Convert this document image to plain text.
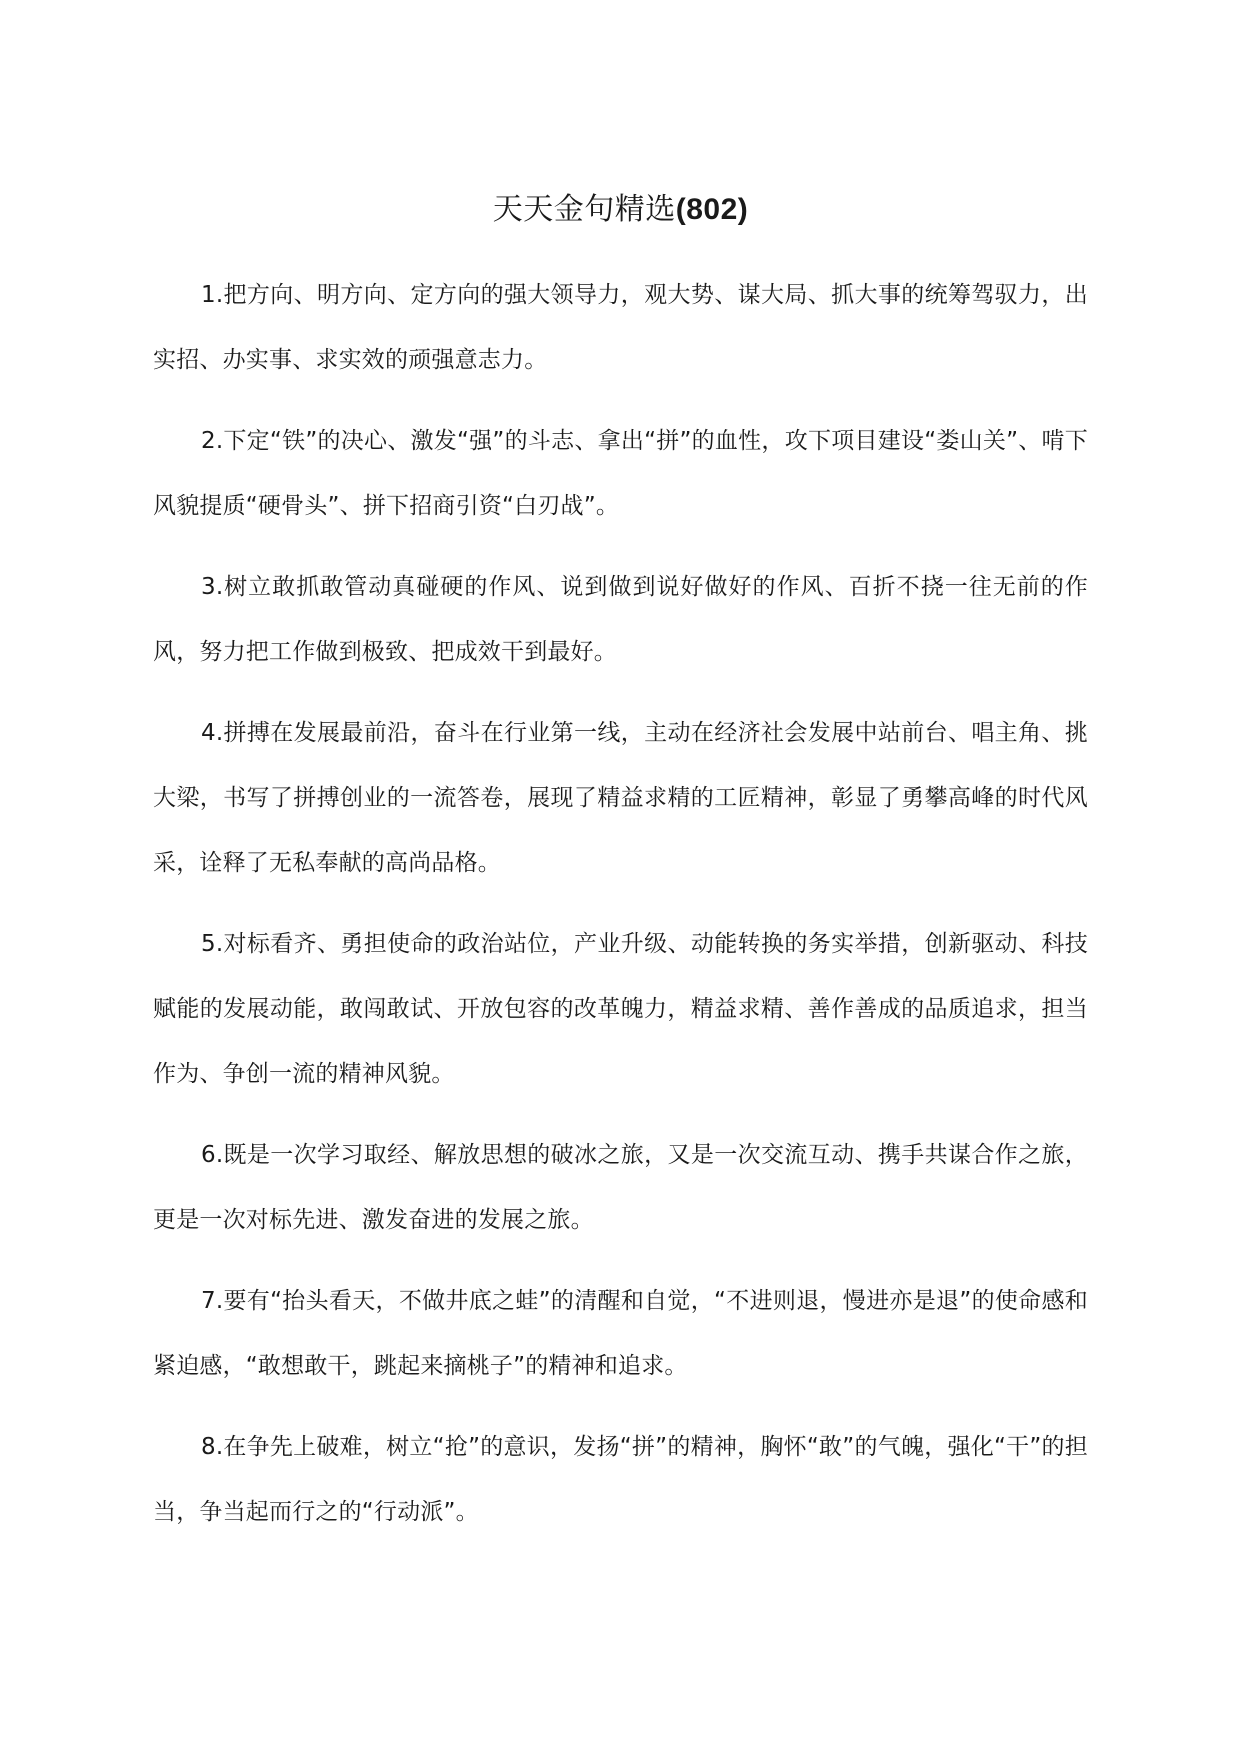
天天金句精选(802)

1.把方向、明方向、定方向的强大领导力，观大势、谋大局、抓大事的统筹驾驭力，出实招、办实事、求实效的顽强意志力。

2.下定“铁”的决心、激发“强”的斗志、拿出“拼”的血性，攻下项目建设“娄山关”、啃下风貌提质“硬骨头”、拼下招商引资“白刃战”。

3.树立敢抓敢管动真碰硬的作风、说到做到说好做好的作风、百折不挠一往无前的作风，努力把工作做到极致、把成效干到最好。

4.拼搏在发展最前沿，奋斗在行业第一线，主动在经济社会发展中站前台、唱主角、挑大梁，书写了拼搏创业的一流答卷，展现了精益求精的工匠精神，彰显了勇攀高峰的时代风采，诠释了无私奉献的高尚品格。

5.对标看齐、勇担使命的政治站位，产业升级、动能转换的务实举措，创新驱动、科技赋能的发展动能，敢闯敢试、开放包容的改革魄力，精益求精、善作善成的品质追求，担当作为、争创一流的精神风貌。

6.既是一次学习取经、解放思想的破冰之旅，又是一次交流互动、携手共谋合作之旅，更是一次对标先进、激发奋进的发展之旅。

7.要有“抬头看天，不做井底之蛙”的清醒和自觉，“不进则退，慢进亦是退”的使命感和紧迫感，“敢想敢干，跳起来摘桃子”的精神和追求。

8.在争先上破难，树立“抢”的意识，发扬“拼”的精神，胸怀“敢”的气魄，强化“干”的担当，争当起而行之的“行动派”。
